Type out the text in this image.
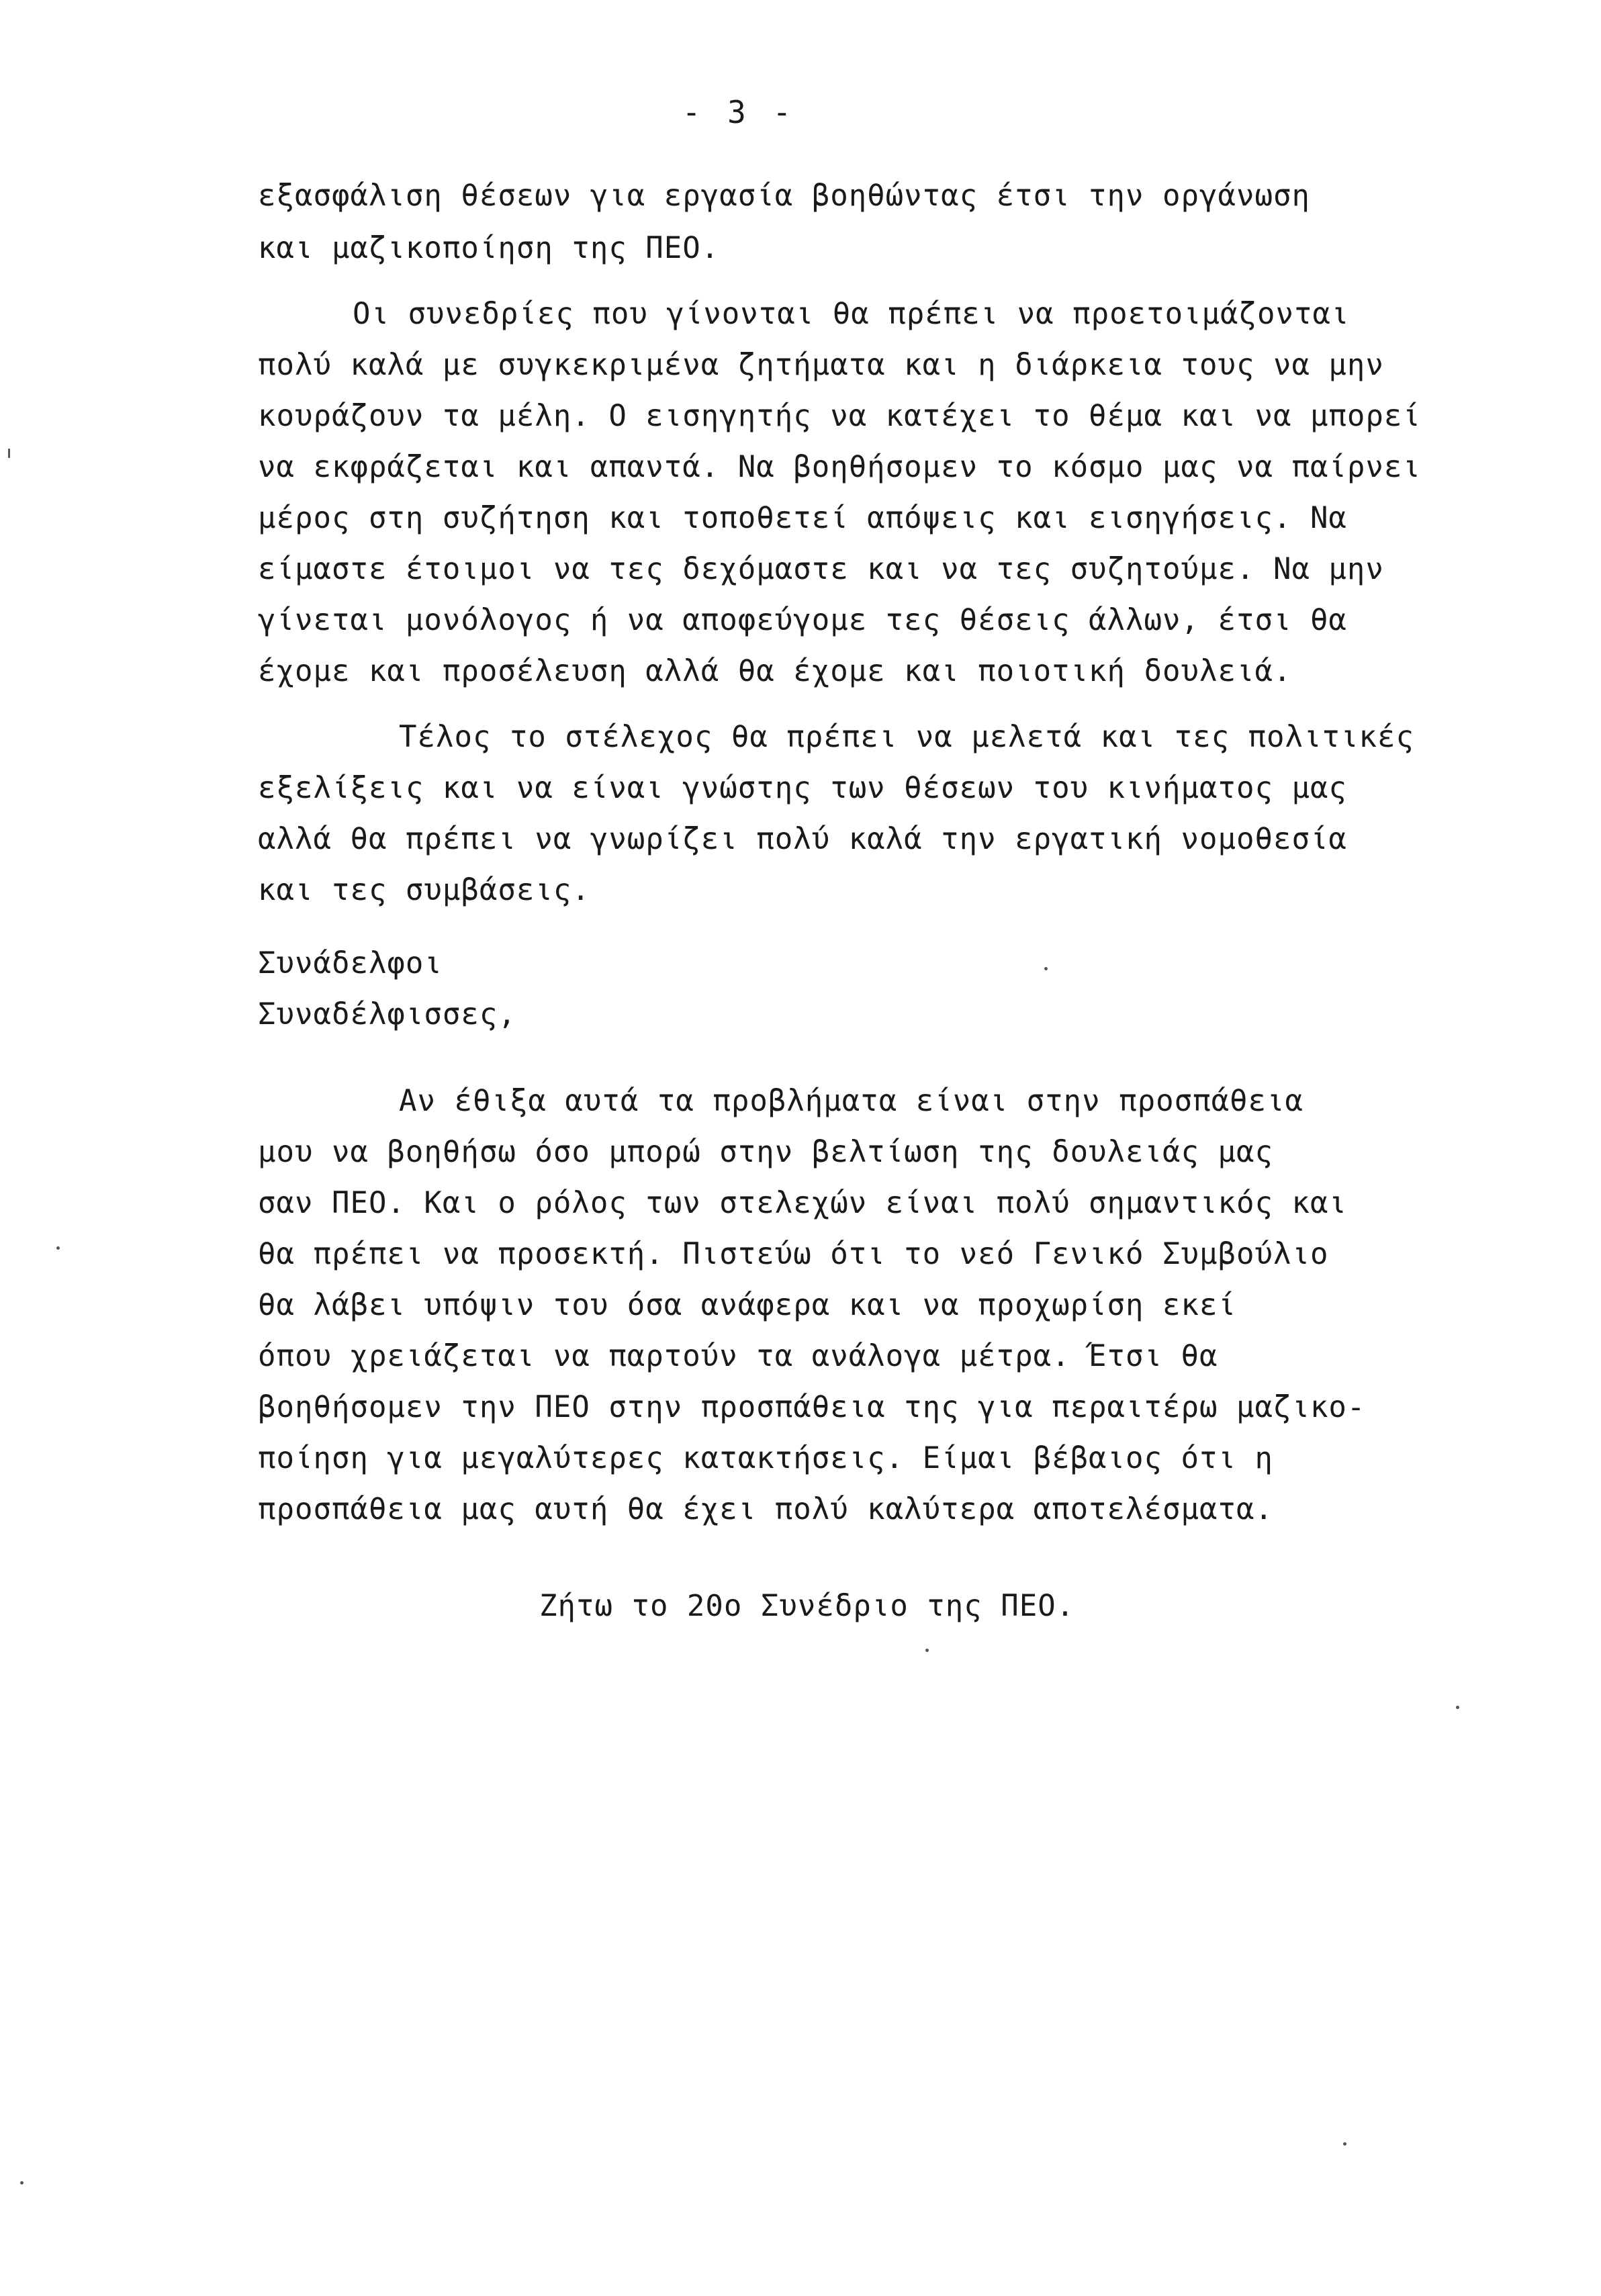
- 3 -
εξασφάλιση θέσεων για εργασία βοηθώντας έτσι την οργάνωση
και μαζικοποίηση της ΠΕΟ.
Οι συνεδρίες που γίνονται θα πρέπει να προετοιμάζονται
πολύ καλά με συγκεκριμένα ζητήματα και η διάρκεια τους να μην
κουράζουν τα μέλη. Ο εισηγητής να κατέχει το θέμα και να μπορεί
να εκφράζεται και απαντά. Να βοηθήσομεν το κόσμο μας να παίρνει
μέρος στη συζήτηση και τοποθετεί απόψεις και εισηγήσεις. Να
είμαστε έτοιμοι να τες δεχόμαστε και να τες συζητούμε. Να μην
γίνεται μονόλογος ή να αποφεύγομε τες θέσεις άλλων, έτσι θα
έχομε και προσέλευση αλλά θα έχομε και ποιοτική δουλειά.
Τέλος το στέλεχος θα πρέπει να μελετά και τες πολιτικές
εξελίξεις και να είναι γνώστης των θέσεων του κινήματος μας
αλλά θα πρέπει να γνωρίζει πολύ καλά την εργατική νομοθεσία
και τες συμβάσεις.
Συνάδελφοι
Συναδέλφισσες,
Αν έθιξα αυτά τα προβλήματα είναι στην προσπάθεια
μου να βοηθήσω όσο μπορώ στην βελτίωση της δουλειάς μας
σαν ΠΕΟ. Και ο ρόλος των στελεχών είναι πολύ σημαντικός και
θα πρέπει να προσεκτή. Πιστεύω ότι το νεό Γενικό Συμβούλιο
θα λάβει υπόψιν του όσα ανάφερα και να προχωρίση εκεί
όπου χρειάζεται να παρτούν τα ανάλογα μέτρα. Έτσι θα
βοηθήσομεν την ΠΕΟ στην προσπάθεια της για περαιτέρω μαζικο-
ποίηση για μεγαλύτερες κατακτήσεις. Είμαι βέβαιος ότι η
προσπάθεια μας αυτή θα έχει πολύ καλύτερα αποτελέσματα.
Ζήτω το 20ο Συνέδριο της ΠΕΟ.
